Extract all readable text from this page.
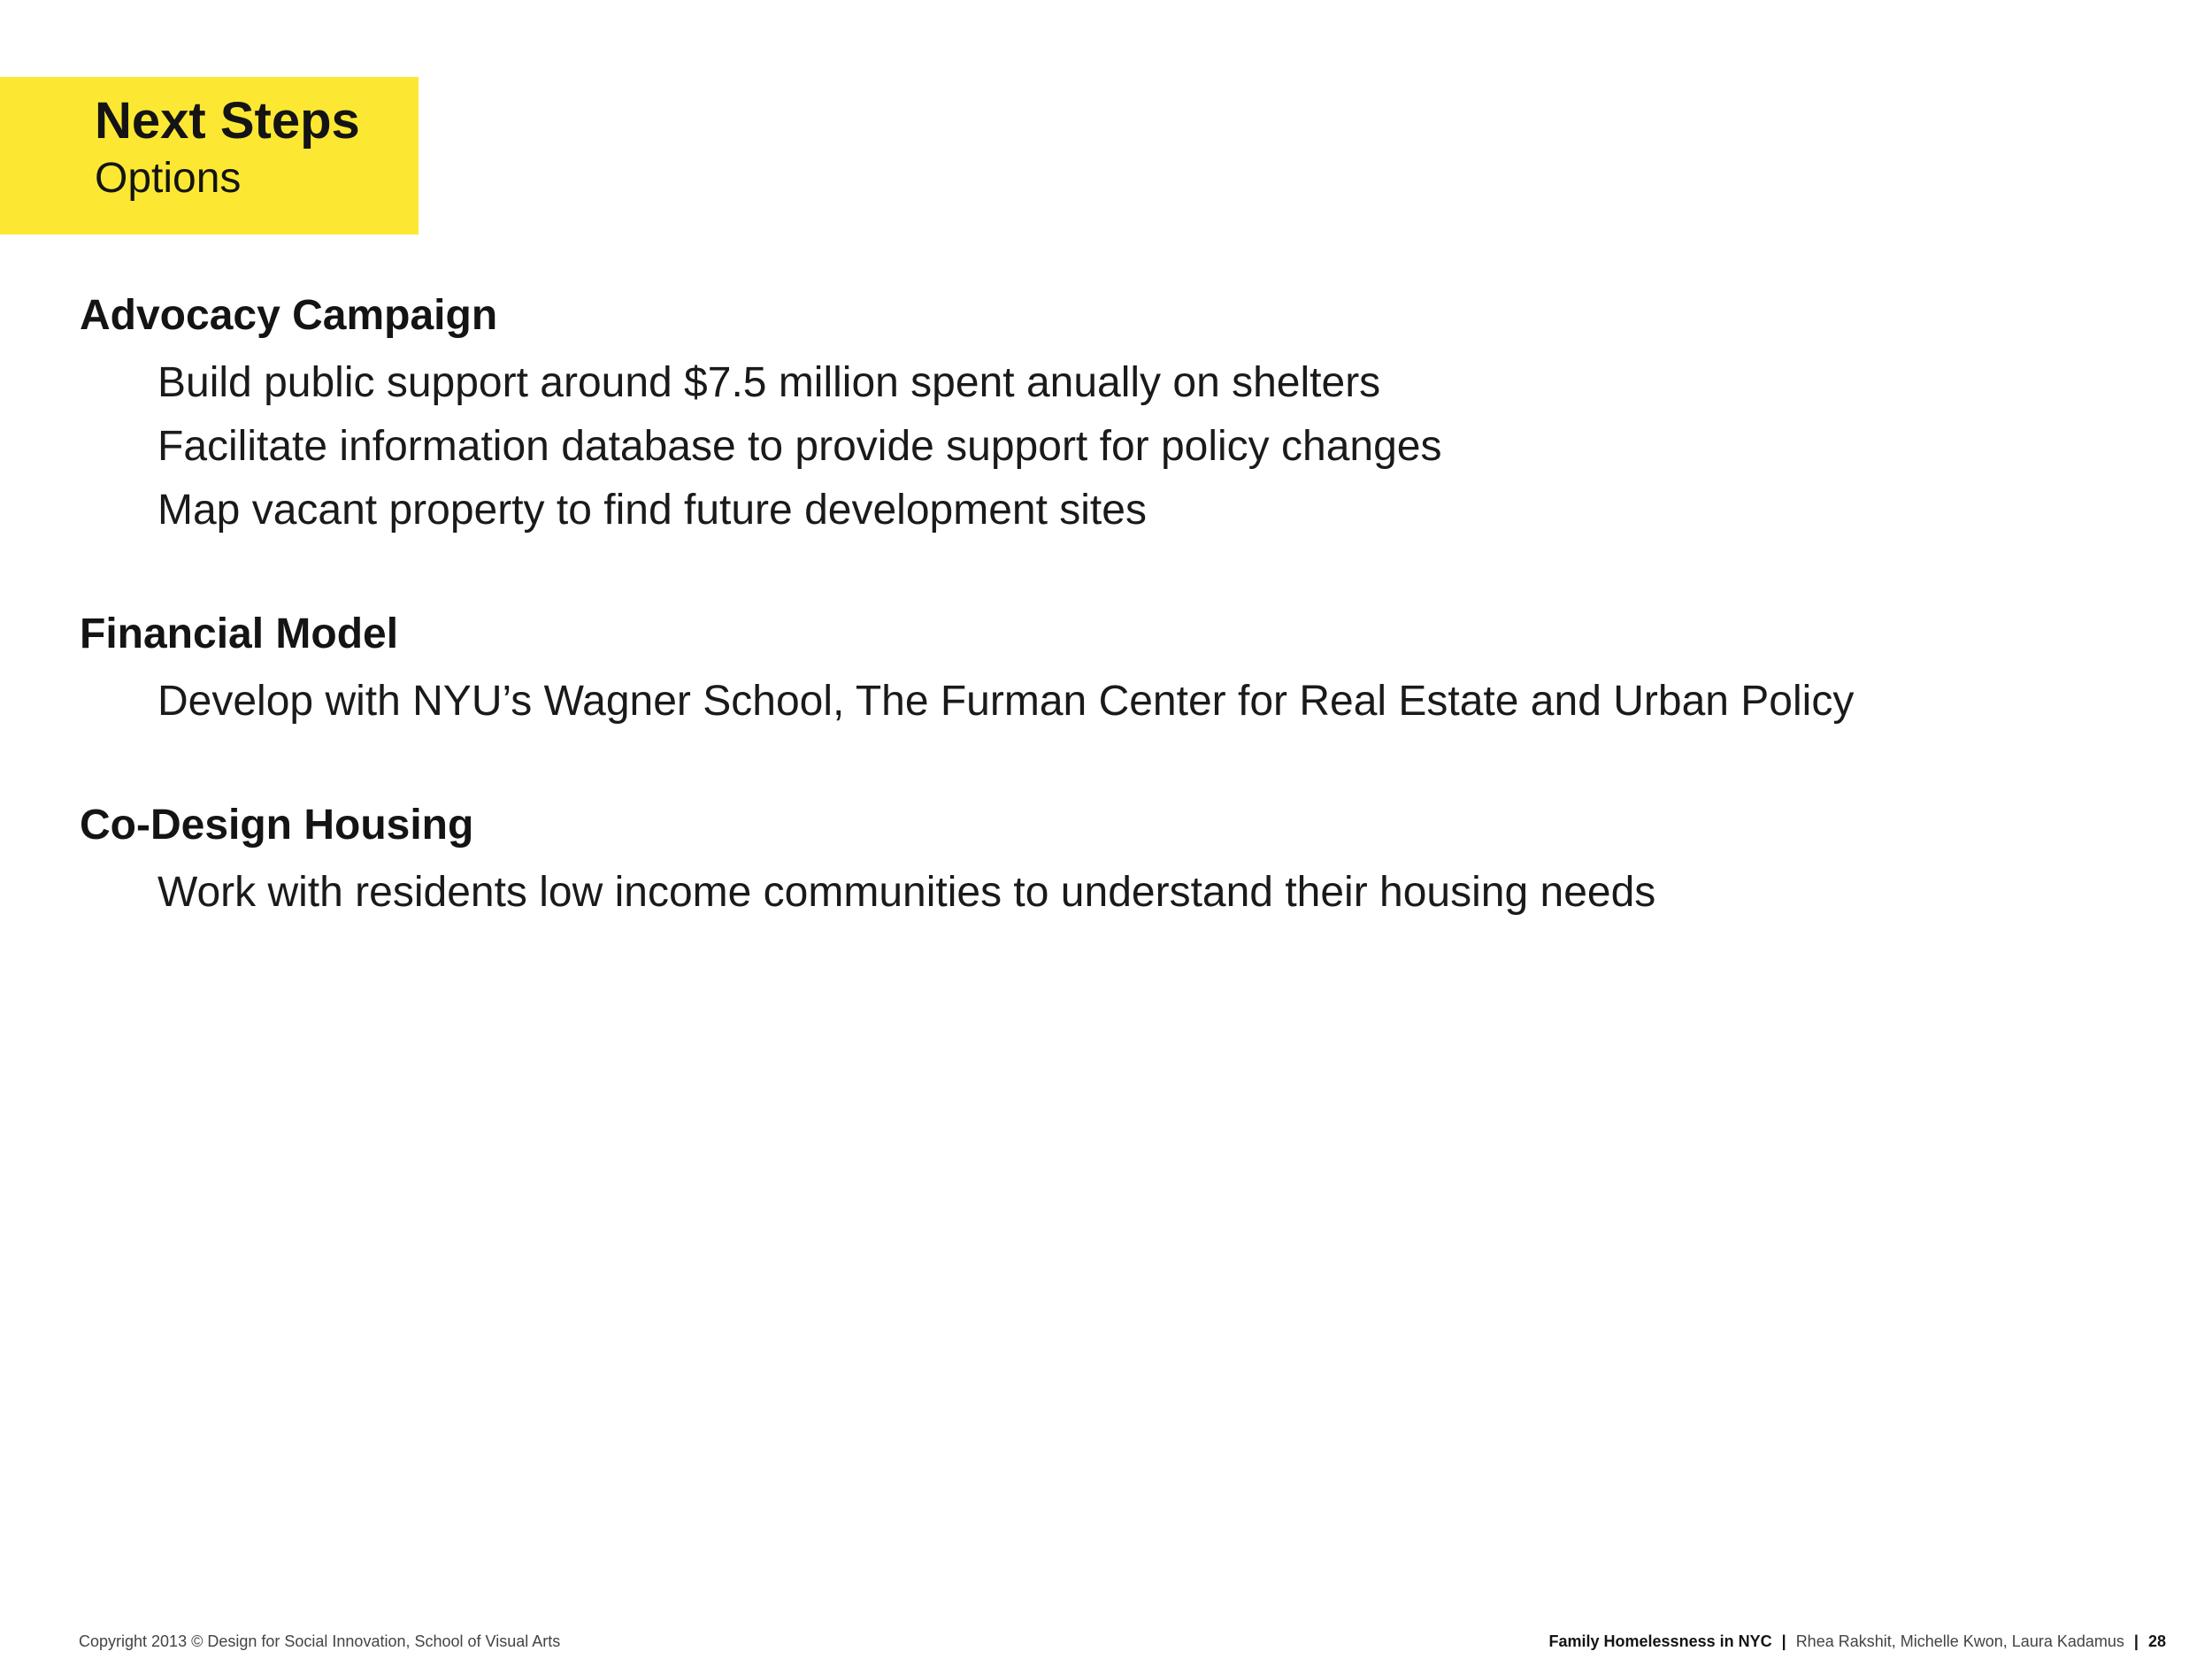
Next Steps
Options
Advocacy Campaign
Build public support around $7.5 million spent anually on shelters
Facilitate information database to provide support for policy changes
Map vacant property to find future development sites
Financial Model
Develop with NYU’s Wagner School, The Furman Center for Real Estate and Urban Policy
Co-Design Housing
Work with residents low income communities to understand their housing needs
Copyright 2013 © Design for Social Innovation, School of Visual Arts	Family Homelessness in NYC | Rhea Rakshit, Michelle Kwon, Laura Kadamus | 28
